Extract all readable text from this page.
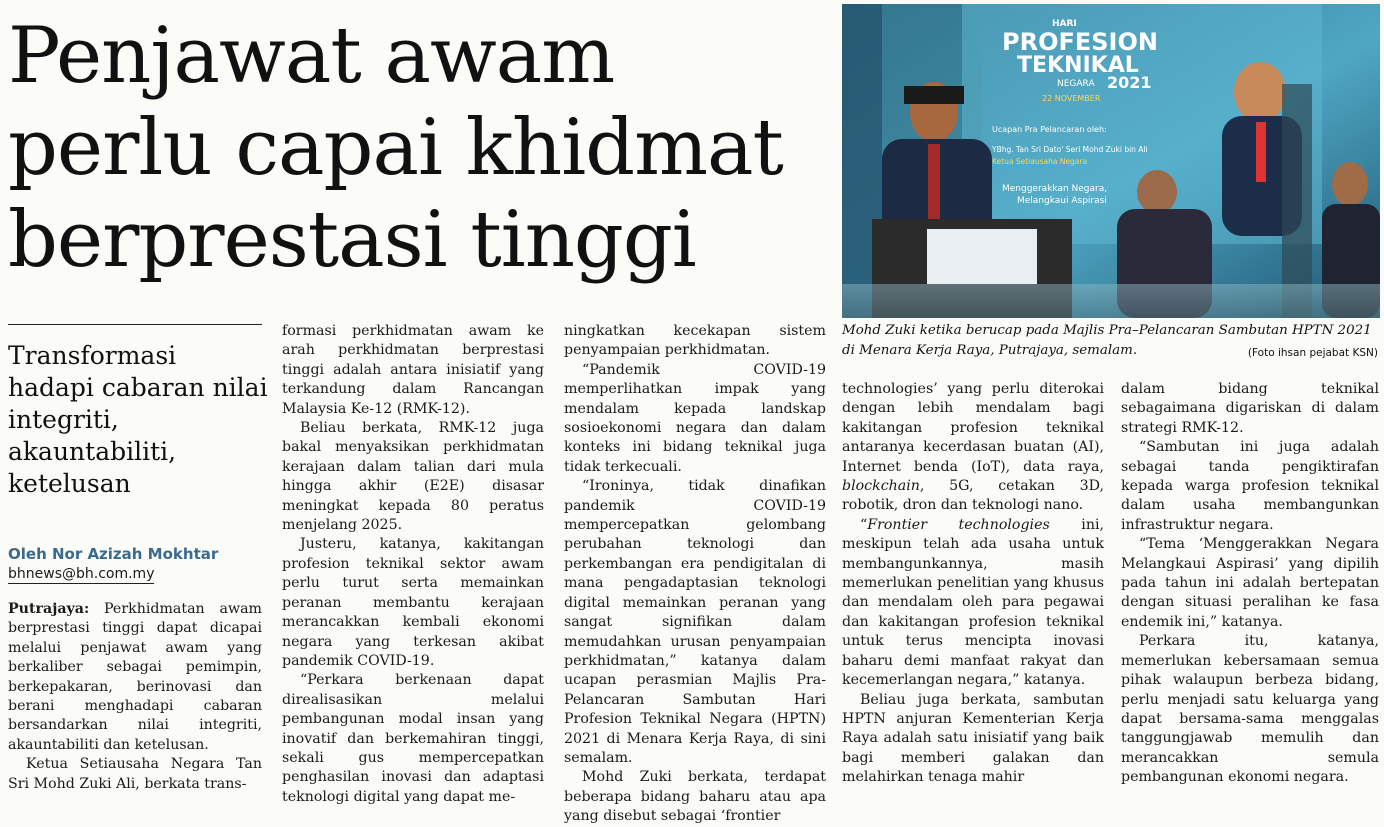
Penjawat awam
perlu capai khidmat
berprestasi tinggi
HARI
PROFESION
TEKNIKAL
NEGARA 2021
22 NOVEMBER
Ucapan Pra Pelancaran oleh:
YBhg. Tan Sri Dato' Seri Mohd Zuki bin Ali
Ketua Setiausaha Negara
Menggerakkan Negara,
Melangkaui Aspirasi
Mohd Zuki ketika berucap pada Majlis Pra–Pelancaran Sambutan HPTN 2021 di Menara Kerja Raya, Putrajaya, semalam.	(Foto ihsan pejabat KSN)
Transformasi hadapi cabaran nilai integriti, akauntabiliti, ketelusan
Oleh Nor Azizah Mokhtar
bhnews@bh.com.my

Putrajaya: Perkhidmatan awam berprestasi tinggi dapat dicapai melalui penjawat awam yang berkaliber sebagai pemimpin, berkepakaran, berinovasi dan berani menghadapi cabaran bersandarkan nilai integriti, akauntabiliti dan ketelusan.

Ketua Setiausaha Negara Tan Sri Mohd Zuki Ali, berkata trans-

formasi perkhidmatan awam ke arah perkhidmatan berprestasi tinggi adalah antara inisiatif yang terkandung dalam Rancangan Malaysia Ke-12 (RMK-12).

Beliau berkata, RMK-12 juga bakal menyaksikan perkhidmatan kerajaan dalam talian dari mula hingga akhir (E2E) disasar meningkat kepada 80 peratus menjelang 2025.

Justeru, katanya, kakitangan profesion teknikal sektor awam perlu turut serta memainkan peranan membantu kerajaan merancakkan kembali ekonomi negara yang terkesan akibat pandemik COVID-19.

“Perkara berkenaan dapat direalisasikan melalui pembangunan modal insan yang inovatif dan berkemahiran tinggi, sekali gus mempercepatkan penghasilan inovasi dan adaptasi teknologi digital yang dapat me-

ningkatkan kecekapan sistem penyampaian perkhidmatan.

“Pandemik COVID-19 memperlihatkan impak yang mendalam kepada landskap sosioekonomi negara dan dalam konteks ini bidang teknikal juga tidak terkecuali.

“Ironinya, tidak dinafikan pandemik COVID-19 mempercepatkan gelombang perubahan teknologi dan perkembangan era pendigitalan di mana pengadaptasian teknologi digital memainkan peranan yang sangat signifikan dalam memudahkan urusan penyampaian perkhidmatan,” katanya dalam ucapan perasmian Majlis Pra-Pelancaran Sambutan Hari Profesion Teknikal Negara (HPTN) 2021 di Menara Kerja Raya, di sini semalam.

Mohd Zuki berkata, terdapat beberapa bidang baharu atau apa yang disebut sebagai ‘frontier

technologies’ yang perlu diterokai dengan lebih mendalam bagi kakitangan profesion teknikal antaranya kecerdasan buatan (AI), Internet benda (IoT), data raya, blockchain, 5G, cetakan 3D, robotik, dron dan teknologi nano.

“Frontier technologies ini, meskipun telah ada usaha untuk membangunkannya, masih memerlukan penelitian yang khusus dan mendalam oleh para pegawai dan kakitangan profesion teknikal untuk terus mencipta inovasi baharu demi manfaat rakyat dan kecemerlangan negara,” katanya.

Beliau juga berkata, sambutan HPTN anjuran Kementerian Kerja Raya adalah satu inisiatif yang baik bagi memberi galakan dan melahirkan tenaga mahir

dalam bidang teknikal sebagaimana digariskan di dalam strategi RMK-12.

“Sambutan ini juga adalah sebagai tanda pengiktirafan kepada warga profesion teknikal dalam usaha membangunkan infrastruktur negara.

“Tema ‘Menggerakkan Negara Melangkaui Aspirasi’ yang dipilih pada tahun ini adalah bertepatan dengan situasi peralihan ke fasa endemik ini,” katanya.

Perkara itu, katanya, memerlukan kebersamaan semua pihak walaupun berbeza bidang, perlu menjadi satu keluarga yang dapat bersama-sama menggalas tanggungjawab memulih dan merancakkan semula pembangunan ekonomi negara.
